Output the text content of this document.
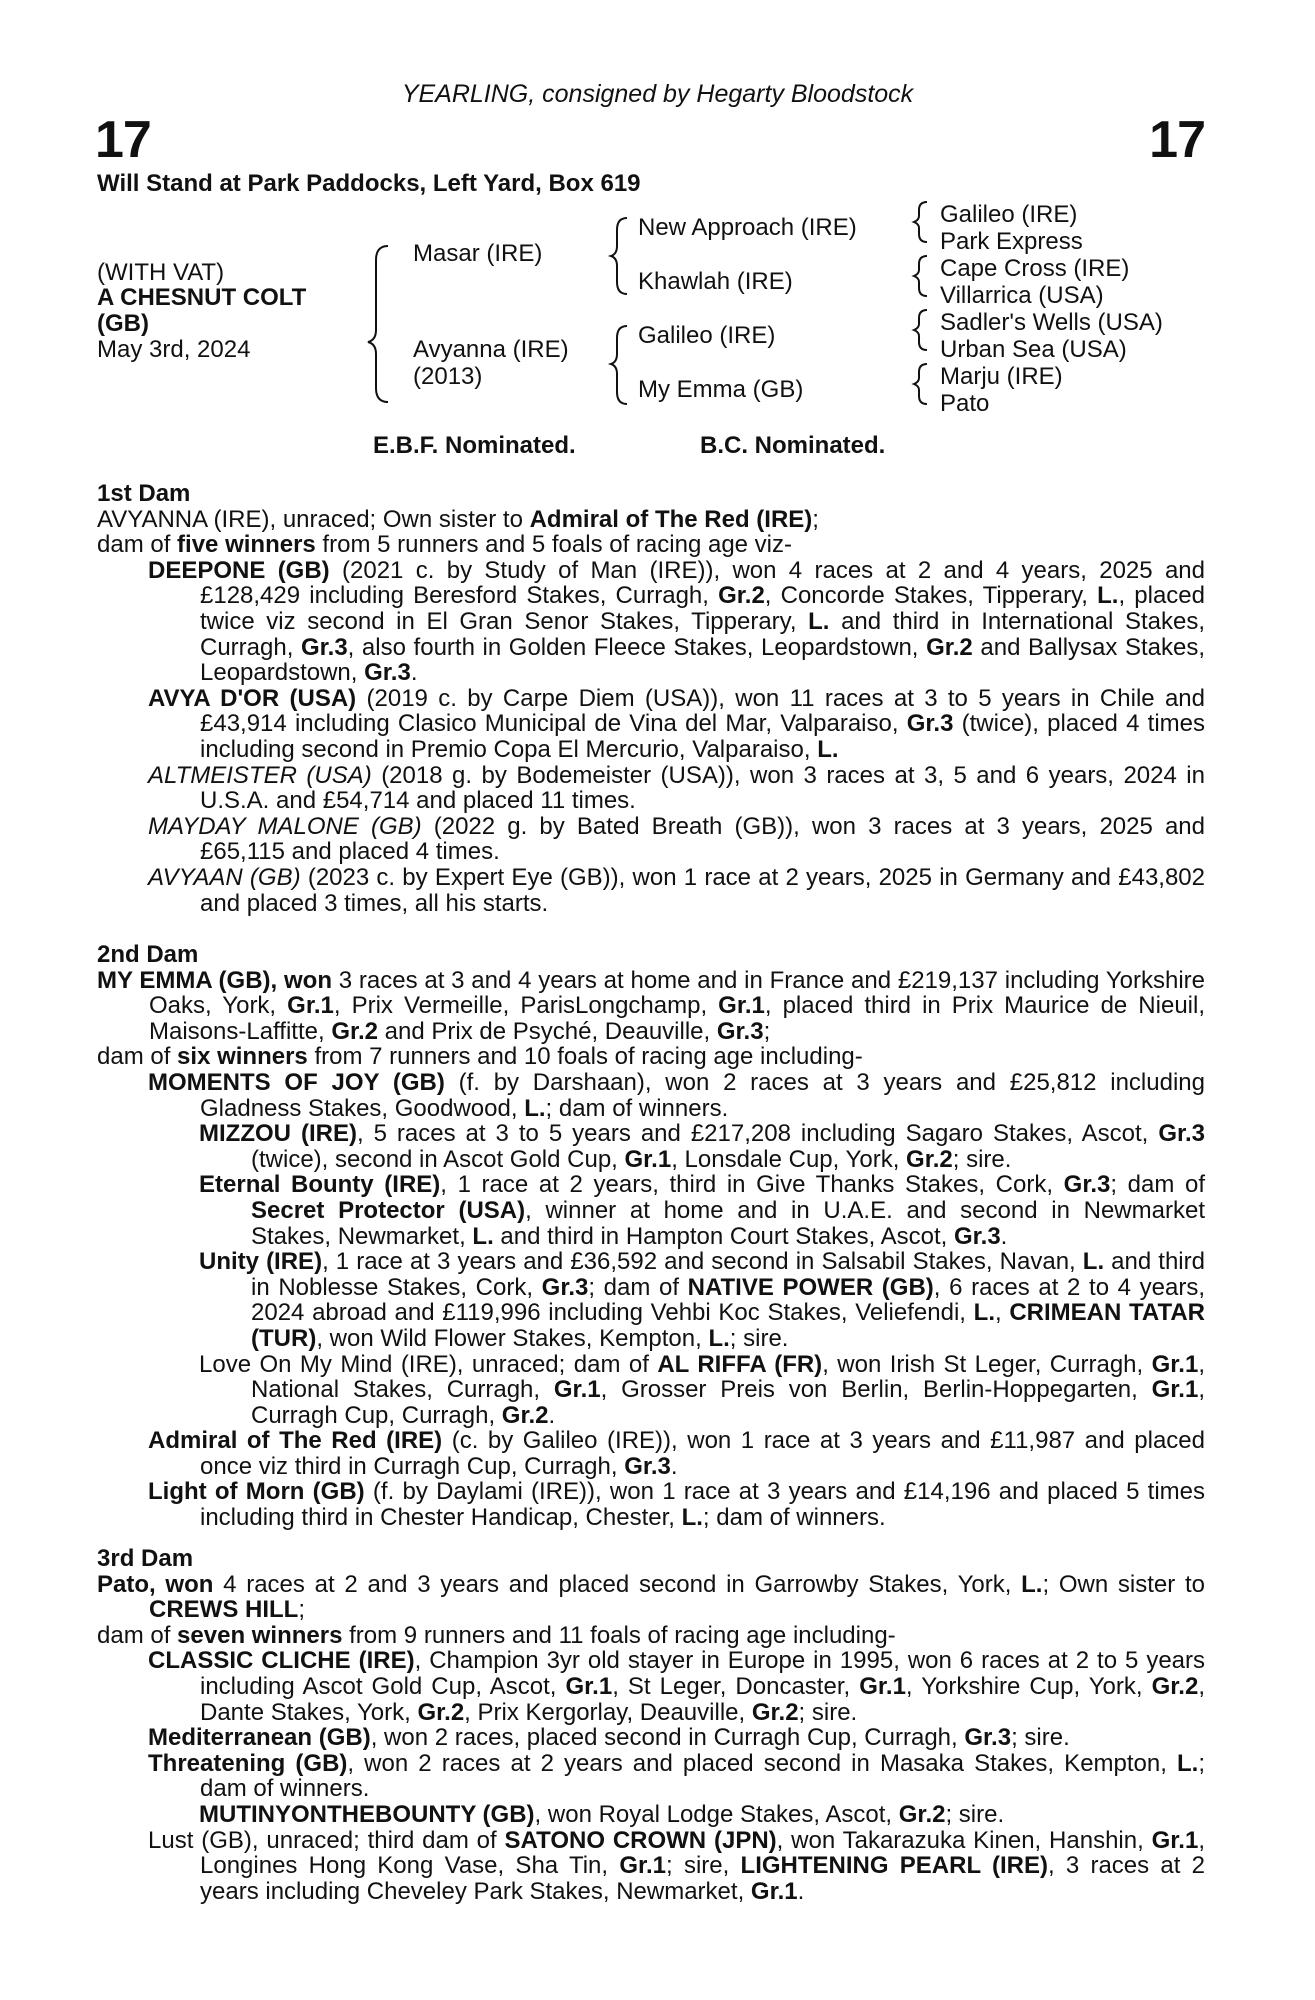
YEARLING, consigned by Hegarty Bloodstock
17	17
Will Stand at Park Paddocks, Left Yard, Box 619
(WITH VAT)
A CHESNUT COLT
(GB)
May 3rd, 2024
Masar (IRE)
Avyanna (IRE)
(2013)
New Approach (IRE)
Khawlah (IRE)
Galileo (IRE)
My Emma (GB)
Galileo (IRE)
Park Express
Cape Cross (IRE)
Villarrica (USA)
Sadler's Wells (USA)
Urban Sea (USA)
Marju (IRE)
Pato
E.B.F. Nominated.	B.C. Nominated.
1st Dam
AVYANNA (IRE), unraced; Own sister to Admiral of The Red (IRE);
dam of five winners from 5 runners and 5 foals of racing age viz-
DEEPONE (GB) (2021 c. by Study of Man (IRE)), won 4 races at 2 and 4 years, 2025 and £128,429 including Beresford Stakes, Curragh, Gr.2, Concorde Stakes, Tipperary, L., placed twice viz second in El Gran Senor Stakes, Tipperary, L. and third in International Stakes, Curragh, Gr.3, also fourth in Golden Fleece Stakes, Leopardstown, Gr.2 and Ballysax Stakes, Leopardstown, Gr.3.
AVYA D'OR (USA) (2019 c. by Carpe Diem (USA)), won 11 races at 3 to 5 years in Chile and £43,914 including Clasico Municipal de Vina del Mar, Valparaiso, Gr.3 (twice), placed 4 times including second in Premio Copa El Mercurio, Valparaiso, L.
ALTMEISTER (USA) (2018 g. by Bodemeister (USA)), won 3 races at 3, 5 and 6 years, 2024 in U.S.A. and £54,714 and placed 11 times.
MAYDAY MALONE (GB) (2022 g. by Bated Breath (GB)), won 3 races at 3 years, 2025 and £65,115 and placed 4 times.
AVYAAN (GB) (2023 c. by Expert Eye (GB)), won 1 race at 2 years, 2025 in Germany and £43,802 and placed 3 times, all his starts.
2nd Dam
MY EMMA (GB), won 3 races at 3 and 4 years at home and in France and £219,137 including Yorkshire Oaks, York, Gr.1, Prix Vermeille, ParisLongchamp, Gr.1, placed third in Prix Maurice de Nieuil, Maisons-Laffitte, Gr.2 and Prix de Psyché, Deauville, Gr.3;
dam of six winners from 7 runners and 10 foals of racing age including-
MOMENTS OF JOY (GB) (f. by Darshaan), won 2 races at 3 years and £25,812 including Gladness Stakes, Goodwood, L.; dam of winners.
MIZZOU (IRE), 5 races at 3 to 5 years and £217,208 including Sagaro Stakes, Ascot, Gr.3 (twice), second in Ascot Gold Cup, Gr.1, Lonsdale Cup, York, Gr.2; sire.
Eternal Bounty (IRE), 1 race at 2 years, third in Give Thanks Stakes, Cork, Gr.3; dam of Secret Protector (USA), winner at home and in U.A.E. and second in Newmarket Stakes, Newmarket, L. and third in Hampton Court Stakes, Ascot, Gr.3.
Unity (IRE), 1 race at 3 years and £36,592 and second in Salsabil Stakes, Navan, L. and third in Noblesse Stakes, Cork, Gr.3; dam of NATIVE POWER (GB), 6 races at 2 to 4 years, 2024 abroad and £119,996 including Vehbi Koc Stakes, Veliefendi, L., CRIMEAN TATAR (TUR), won Wild Flower Stakes, Kempton, L.; sire.
Love On My Mind (IRE), unraced; dam of AL RIFFA (FR), won Irish St Leger, Curragh, Gr.1, National Stakes, Curragh, Gr.1, Grosser Preis von Berlin, Berlin-Hoppegarten, Gr.1, Curragh Cup, Curragh, Gr.2.
Admiral of The Red (IRE) (c. by Galileo (IRE)), won 1 race at 3 years and £11,987 and placed once viz third in Curragh Cup, Curragh, Gr.3.
Light of Morn (GB) (f. by Daylami (IRE)), won 1 race at 3 years and £14,196 and placed 5 times including third in Chester Handicap, Chester, L.; dam of winners.
3rd Dam
Pato, won 4 races at 2 and 3 years and placed second in Garrowby Stakes, York, L.; Own sister to CREWS HILL;
dam of seven winners from 9 runners and 11 foals of racing age including-
CLASSIC CLICHE (IRE), Champion 3yr old stayer in Europe in 1995, won 6 races at 2 to 5 years including Ascot Gold Cup, Ascot, Gr.1, St Leger, Doncaster, Gr.1, Yorkshire Cup, York, Gr.2, Dante Stakes, York, Gr.2, Prix Kergorlay, Deauville, Gr.2; sire.
Mediterranean (GB), won 2 races, placed second in Curragh Cup, Curragh, Gr.3; sire.
Threatening (GB), won 2 races at 2 years and placed second in Masaka Stakes, Kempton, L.; dam of winners.
MUTINYONTHEBOUNTY (GB), won Royal Lodge Stakes, Ascot, Gr.2; sire.
Lust (GB), unraced; third dam of SATONO CROWN (JPN), won Takarazuka Kinen, Hanshin, Gr.1, Longines Hong Kong Vase, Sha Tin, Gr.1; sire, LIGHTENING PEARL (IRE), 3 races at 2 years including Cheveley Park Stakes, Newmarket, Gr.1.
